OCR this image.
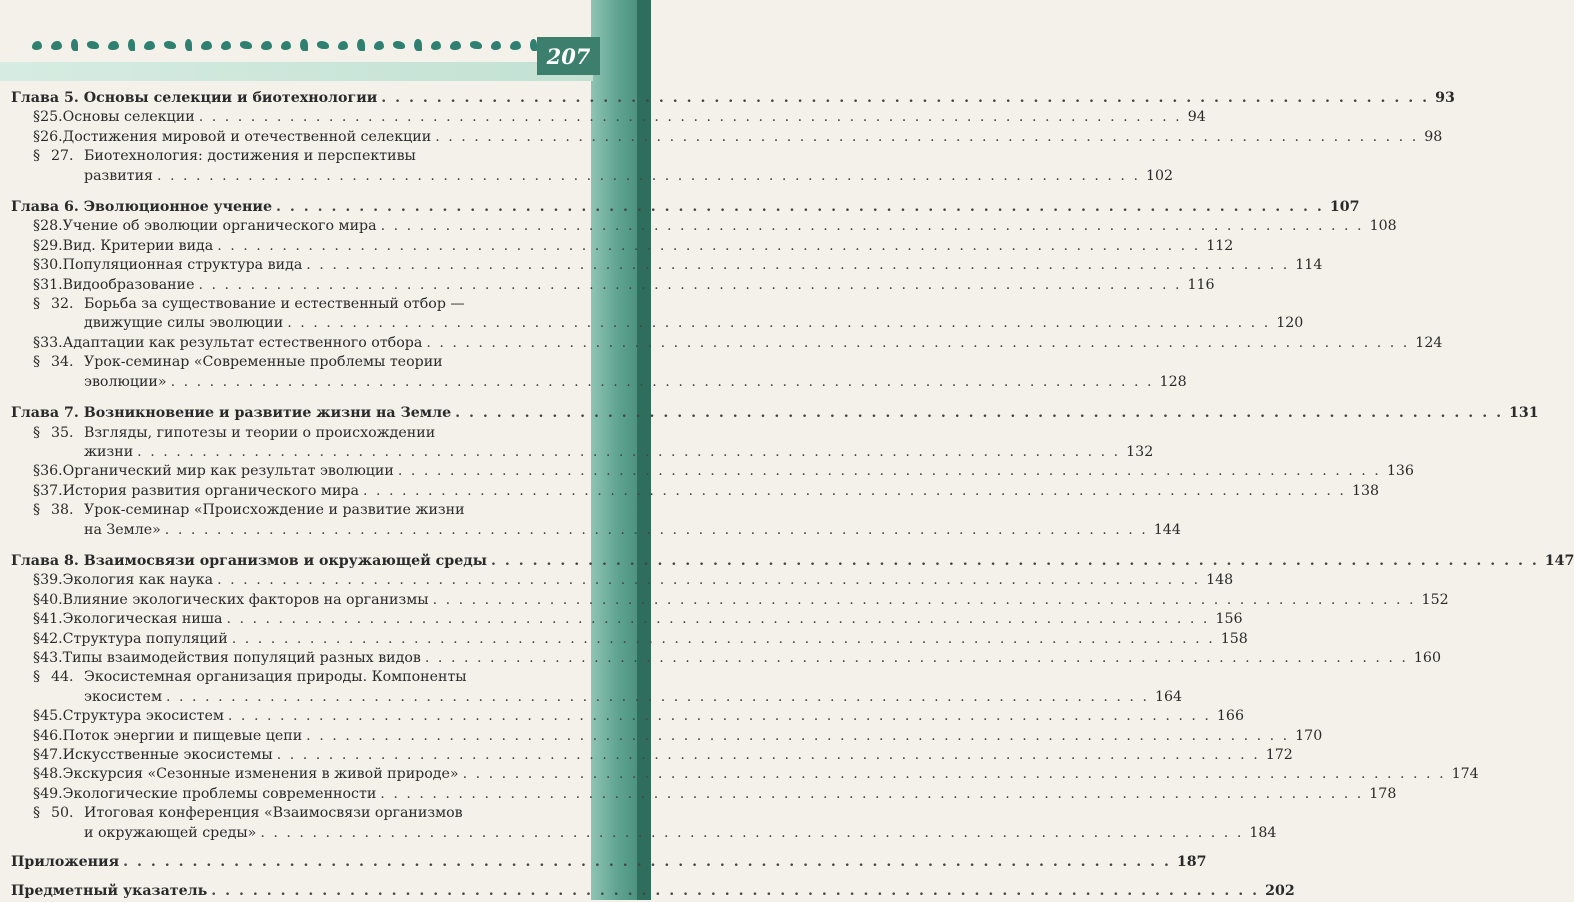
207
Глава 5. Основы селекции и биотехнологии . . . . . . . . . . . . . . . . . . . . . . . . . . . . . . . . . . . . . . . . . . . . . . . . . . . . . . . . . . . . . . . . . . . . . . . . . . . . 93
§ 25. Основы селекции . . . . . . . . . . . . . . . . . . . . . . . . . . . . . . . . . . . . . . . . . . . . . . . . . . . . . . . . . . . . . . . . . . . . . . . . . . . . 94
§ 26. Достижения мировой и отечественной селекции . . . . . . . . . . . . . . . . . . . . . . . . . . . . . . . . . . . . . . . . . . . . . . . . . . . . . . . . . . . . . . . . . . . . . . . . . . . . 98
§ 27. Биотехнология: достижения и перспективы
развития . . . . . . . . . . . . . . . . . . . . . . . . . . . . . . . . . . . . . . . . . . . . . . . . . . . . . . . . . . . . . . . . . . . . . . . . . . . . 102
Глава 6. Эволюционное учение . . . . . . . . . . . . . . . . . . . . . . . . . . . . . . . . . . . . . . . . . . . . . . . . . . . . . . . . . . . . . . . . . . . . . . . . . . . . 107
§ 28. Учение об эволюции органического мира . . . . . . . . . . . . . . . . . . . . . . . . . . . . . . . . . . . . . . . . . . . . . . . . . . . . . . . . . . . . . . . . . . . . . . . . . . . . 108
§ 29. Вид. Критерии вида . . . . . . . . . . . . . . . . . . . . . . . . . . . . . . . . . . . . . . . . . . . . . . . . . . . . . . . . . . . . . . . . . . . . . . . . . . . . 112
§ 30. Популяционная структура вида . . . . . . . . . . . . . . . . . . . . . . . . . . . . . . . . . . . . . . . . . . . . . . . . . . . . . . . . . . . . . . . . . . . . . . . . . . . . 114
§ 31. Видообразование . . . . . . . . . . . . . . . . . . . . . . . . . . . . . . . . . . . . . . . . . . . . . . . . . . . . . . . . . . . . . . . . . . . . . . . . . . . . 116
§ 32. Борьба за существование и естественный отбор —
движущие силы эволюции . . . . . . . . . . . . . . . . . . . . . . . . . . . . . . . . . . . . . . . . . . . . . . . . . . . . . . . . . . . . . . . . . . . . . . . . . . . . 120
§ 33. Адаптации как результат естественного отбора . . . . . . . . . . . . . . . . . . . . . . . . . . . . . . . . . . . . . . . . . . . . . . . . . . . . . . . . . . . . . . . . . . . . . . . . . . . . 124
§ 34. Урок-семинар «Современные проблемы теории
эволюции» . . . . . . . . . . . . . . . . . . . . . . . . . . . . . . . . . . . . . . . . . . . . . . . . . . . . . . . . . . . . . . . . . . . . . . . . . . . . 128
Глава 7. Возникновение и развитие жизни на Земле . . . . . . . . . . . . . . . . . . . . . . . . . . . . . . . . . . . . . . . . . . . . . . . . . . . . . . . . . . . . . . . . . . . . . . . . . . . . 131
§ 35. Взгляды, гипотезы и теории о происхождении
жизни . . . . . . . . . . . . . . . . . . . . . . . . . . . . . . . . . . . . . . . . . . . . . . . . . . . . . . . . . . . . . . . . . . . . . . . . . . . . 132
§ 36. Органический мир как результат эволюции . . . . . . . . . . . . . . . . . . . . . . . . . . . . . . . . . . . . . . . . . . . . . . . . . . . . . . . . . . . . . . . . . . . . . . . . . . . . 136
§ 37. История развития органического мира . . . . . . . . . . . . . . . . . . . . . . . . . . . . . . . . . . . . . . . . . . . . . . . . . . . . . . . . . . . . . . . . . . . . . . . . . . . . 138
§ 38. Урок-семинар «Происхождение и развитие жизни
на Земле» . . . . . . . . . . . . . . . . . . . . . . . . . . . . . . . . . . . . . . . . . . . . . . . . . . . . . . . . . . . . . . . . . . . . . . . . . . . . 144
Глава 8. Взаимосвязи организмов и окружающей среды . . . . . . . . . . . . . . . . . . . . . . . . . . . . . . . . . . . . . . . . . . . . . . . . . . . . . . . . . . . . . . . . . . . . . . . . . . . . 147
§ 39. Экология как наука . . . . . . . . . . . . . . . . . . . . . . . . . . . . . . . . . . . . . . . . . . . . . . . . . . . . . . . . . . . . . . . . . . . . . . . . . . . . 148
§ 40. Влияние экологических факторов на организмы . . . . . . . . . . . . . . . . . . . . . . . . . . . . . . . . . . . . . . . . . . . . . . . . . . . . . . . . . . . . . . . . . . . . . . . . . . . . 152
§ 41. Экологическая ниша . . . . . . . . . . . . . . . . . . . . . . . . . . . . . . . . . . . . . . . . . . . . . . . . . . . . . . . . . . . . . . . . . . . . . . . . . . . . 156
§ 42. Структура популяций . . . . . . . . . . . . . . . . . . . . . . . . . . . . . . . . . . . . . . . . . . . . . . . . . . . . . . . . . . . . . . . . . . . . . . . . . . . . 158
§ 43. Типы взаимодействия популяций разных видов . . . . . . . . . . . . . . . . . . . . . . . . . . . . . . . . . . . . . . . . . . . . . . . . . . . . . . . . . . . . . . . . . . . . . . . . . . . . 160
§ 44. Экосистемная организация природы. Компоненты
экосистем . . . . . . . . . . . . . . . . . . . . . . . . . . . . . . . . . . . . . . . . . . . . . . . . . . . . . . . . . . . . . . . . . . . . . . . . . . . . 164
§ 45. Структура экосистем . . . . . . . . . . . . . . . . . . . . . . . . . . . . . . . . . . . . . . . . . . . . . . . . . . . . . . . . . . . . . . . . . . . . . . . . . . . . 166
§ 46. Поток энергии и пищевые цепи . . . . . . . . . . . . . . . . . . . . . . . . . . . . . . . . . . . . . . . . . . . . . . . . . . . . . . . . . . . . . . . . . . . . . . . . . . . . 170
§ 47. Искусственные экосистемы . . . . . . . . . . . . . . . . . . . . . . . . . . . . . . . . . . . . . . . . . . . . . . . . . . . . . . . . . . . . . . . . . . . . . . . . . . . . 172
§ 48. Экскурсия «Сезонные изменения в живой природе» . . . . . . . . . . . . . . . . . . . . . . . . . . . . . . . . . . . . . . . . . . . . . . . . . . . . . . . . . . . . . . . . . . . . . . . . . . . . 174
§ 49. Экологические проблемы современности . . . . . . . . . . . . . . . . . . . . . . . . . . . . . . . . . . . . . . . . . . . . . . . . . . . . . . . . . . . . . . . . . . . . . . . . . . . . 178
§ 50. Итоговая конференция «Взаимосвязи организмов
и окружающей среды» . . . . . . . . . . . . . . . . . . . . . . . . . . . . . . . . . . . . . . . . . . . . . . . . . . . . . . . . . . . . . . . . . . . . . . . . . . . . 184
Приложения . . . . . . . . . . . . . . . . . . . . . . . . . . . . . . . . . . . . . . . . . . . . . . . . . . . . . . . . . . . . . . . . . . . . . . . . . . . . 187
Предметный указатель . . . . . . . . . . . . . . . . . . . . . . . . . . . . . . . . . . . . . . . . . . . . . . . . . . . . . . . . . . . . . . . . . . . . . . . . . . . . 202
